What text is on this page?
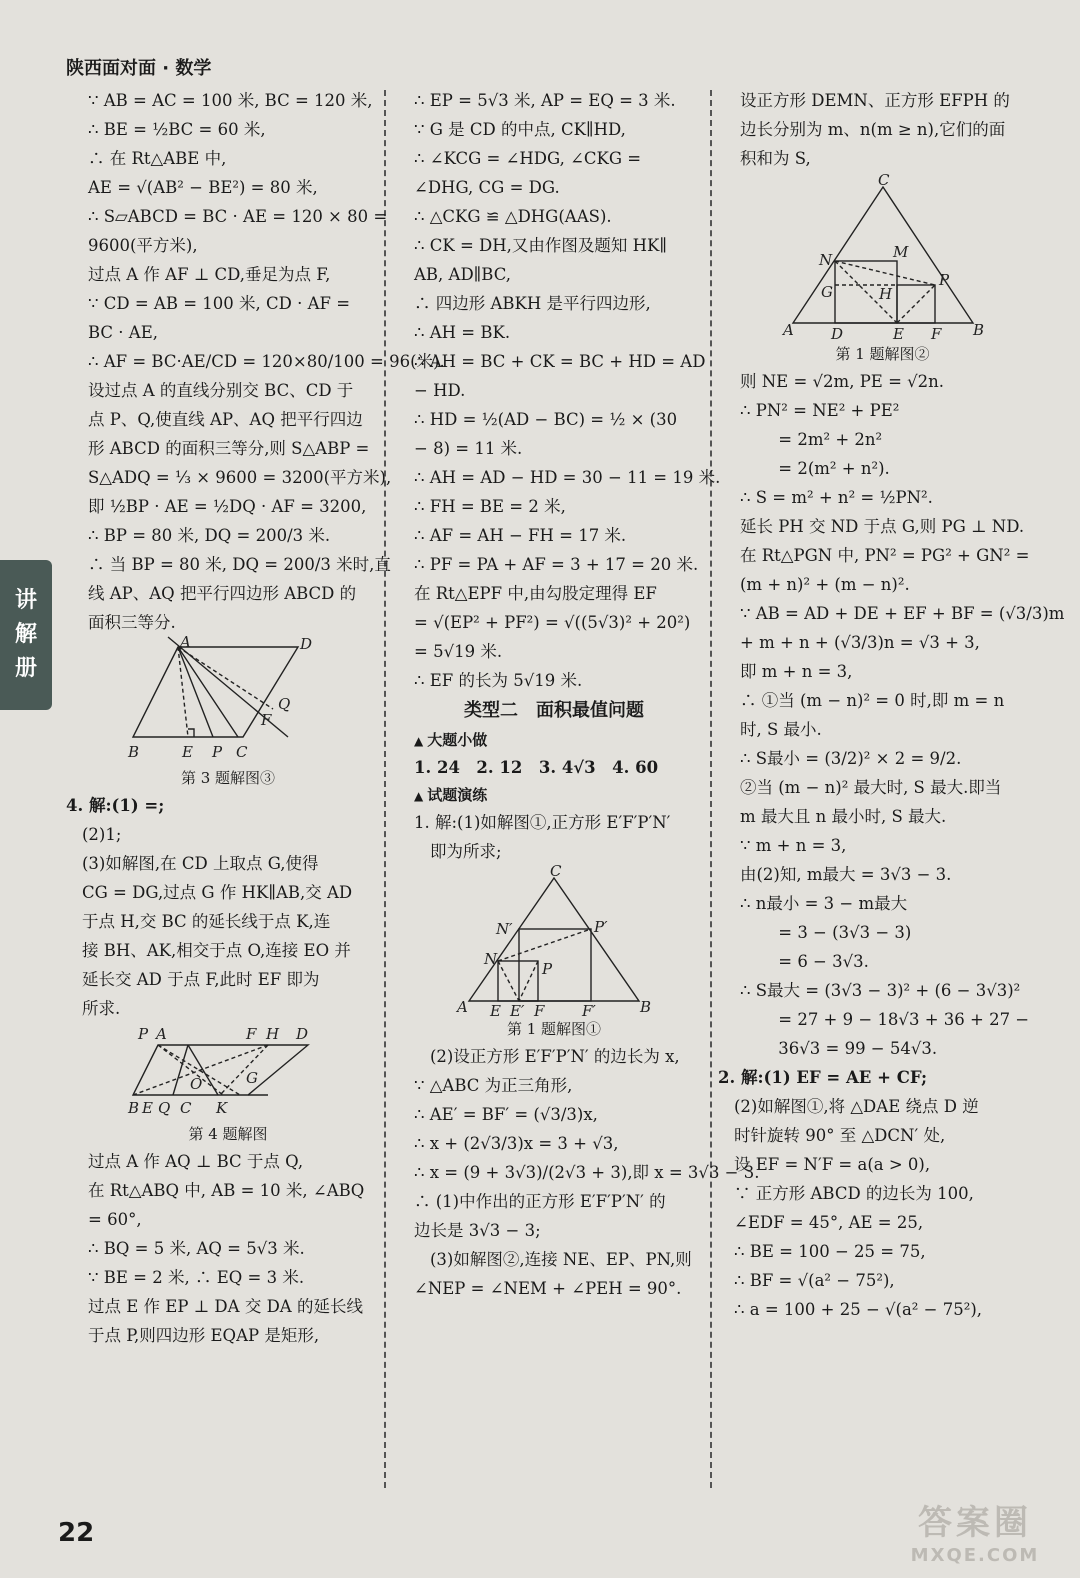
陕西面对面 · 数学
讲
解
册
∵ AB = AC = 100 米, BC = 120 米,
∴ BE = ½BC = 60 米,
∴ 在 Rt△ABE 中,
AE = √(AB² − BE²) = 80 米,
∴ S▱ABCD = BC · AE = 120 × 80 =
9600(平方米),
过点 A 作 AF ⊥ CD,垂足为点 F,
∵ CD = AB = 100 米, CD · AF =
BC · AE,
∴ AF = BC·AE/CD = 120×80/100 = 96(米).
设过点 A 的直线分别交 BC、CD 于
点 P、Q,使直线 AP、AQ 把平行四边
形 ABCD 的面积三等分,则 S△ABP =
S△ADQ = ⅓ × 9600 = 3200(平方米),
即 ½BP · AE = ½DQ · AF = 3200,
∴ BP = 80 米, DQ = 200/3 米.
∴ 当 BP = 80 米, DQ = 200/3 米时,直
线 AP、AQ 把平行四边形 ABCD 的
面积三等分.
A	D
B	E P C
F
Q
第 3 题解图③
4. 解:(1) =;
(2)1;
(3)如解图,在 CD 上取点 G,使得
CG = DG,过点 G 作 HK∥AB,交 AD
于点 H,交 BC 的延长线于点 K,连
接 BH、AK,相交于点 O,连接 EO 并
延长交 AD 于点 F,此时 EF 即为
所求.
P A	F H D
B E Q C K
O	G
第 4 题解图
过点 A 作 AQ ⊥ BC 于点 Q,
在 Rt△ABQ 中, AB = 10 米, ∠ABQ
= 60°,
∴ BQ = 5 米, AQ = 5√3 米.
∵ BE = 2 米, ∴ EQ = 3 米.
过点 E 作 EP ⊥ DA 交 DA 的延长线
于点 P,则四边形 EQAP 是矩形,
∴ EP = 5√3 米, AP = EQ = 3 米.
∵ G 是 CD 的中点, CK∥HD,
∴ ∠KCG = ∠HDG, ∠CKG =
∠DHG, CG = DG.
∴ △CKG ≌ △DHG(AAS).
∴ CK = DH,又由作图及题知 HK∥
AB, AD∥BC,
∴ 四边形 ABKH 是平行四边形,
∴ AH = BK.
∴ AH = BC + CK = BC + HD = AD
− HD.
∴ HD = ½(AD − BC) = ½ × (30
− 8) = 11 米.
∴ AH = AD − HD = 30 − 11 = 19 米.
∴ FH = BE = 2 米,
∴ AF = AH − FH = 17 米.
∴ PF = PA + AF = 3 + 17 = 20 米.
在 Rt△EPF 中,由勾股定理得 EF
= √(EP² + PF²) = √((5√3)² + 20²)
= 5√19 米.
∴ EF 的长为 5√19 米.
类型二　面积最值问题
▲ 大题小做
1. 24　2. 12　3. 4√3　4. 60
▲ 试题演练
1. 解:(1)如解图①,正方形 E′F′P′N′
即为所求;
C
N′	P′
N
P
A E E′ F	F′	B
第 1 题解图①
(2)设正方形 E′F′P′N′ 的边长为 x,
∵ △ABC 为正三角形,
∴ AE′ = BF′ = (√3/3)x,
∴ x + (2√3/3)x = 3 + √3,
∴ x = (9 + 3√3)/(2√3 + 3),即 x = 3√3 − 3.
∴ (1)中作出的正方形 E′F′P′N′ 的
边长是 3√3 − 3;
(3)如解图②,连接 NE、EP、PN,则
∠NEP = ∠NEM + ∠PEH = 90°.
设正方形 DEMN、正方形 EFPH 的
边长分别为 m、n(m ≥ n),它们的面
积和为 S,
C
N	M
P
G	H
A D	E F B
第 1 题解图②
则 NE = √2m, PE = √2n.
∴ PN² = NE² + PE²
　　 = 2m² + 2n²
　　 = 2(m² + n²).
∴ S = m² + n² = ½PN².
延长 PH 交 ND 于点 G,则 PG ⊥ ND.
在 Rt△PGN 中, PN² = PG² + GN² =
(m + n)² + (m − n)².
∵ AB = AD + DE + EF + BF = (√3/3)m
+ m + n + (√3/3)n = √3 + 3,
即 m + n = 3,
∴ ①当 (m − n)² = 0 时,即 m = n
时, S 最小.
∴ S最小 = (3/2)² × 2 = 9/2.
②当 (m − n)² 最大时, S 最大.即当
m 最大且 n 最小时, S 最大.
∵ m + n = 3,
由(2)知, m最大 = 3√3 − 3.
∴ n最小 = 3 − m最大
　　 = 3 − (3√3 − 3)
　　 = 6 − 3√3.
∴ S最大 = (3√3 − 3)² + (6 − 3√3)²
　　 = 27 + 9 − 18√3 + 36 + 27 −
　　 36√3 = 99 − 54√3.
2. 解:(1) EF = AE + CF;
(2)如解图①,将 △DAE 绕点 D 逆
时针旋转 90° 至 △DCN′ 处,
设 EF = N′F = a(a > 0),
∵ 正方形 ABCD 的边长为 100,
∠EDF = 45°, AE = 25,
∴ BE = 100 − 25 = 75,
∴ BF = √(a² − 75²),
∴ a = 100 + 25 − √(a² − 75²),
22	答案圈
MXQE.COM
